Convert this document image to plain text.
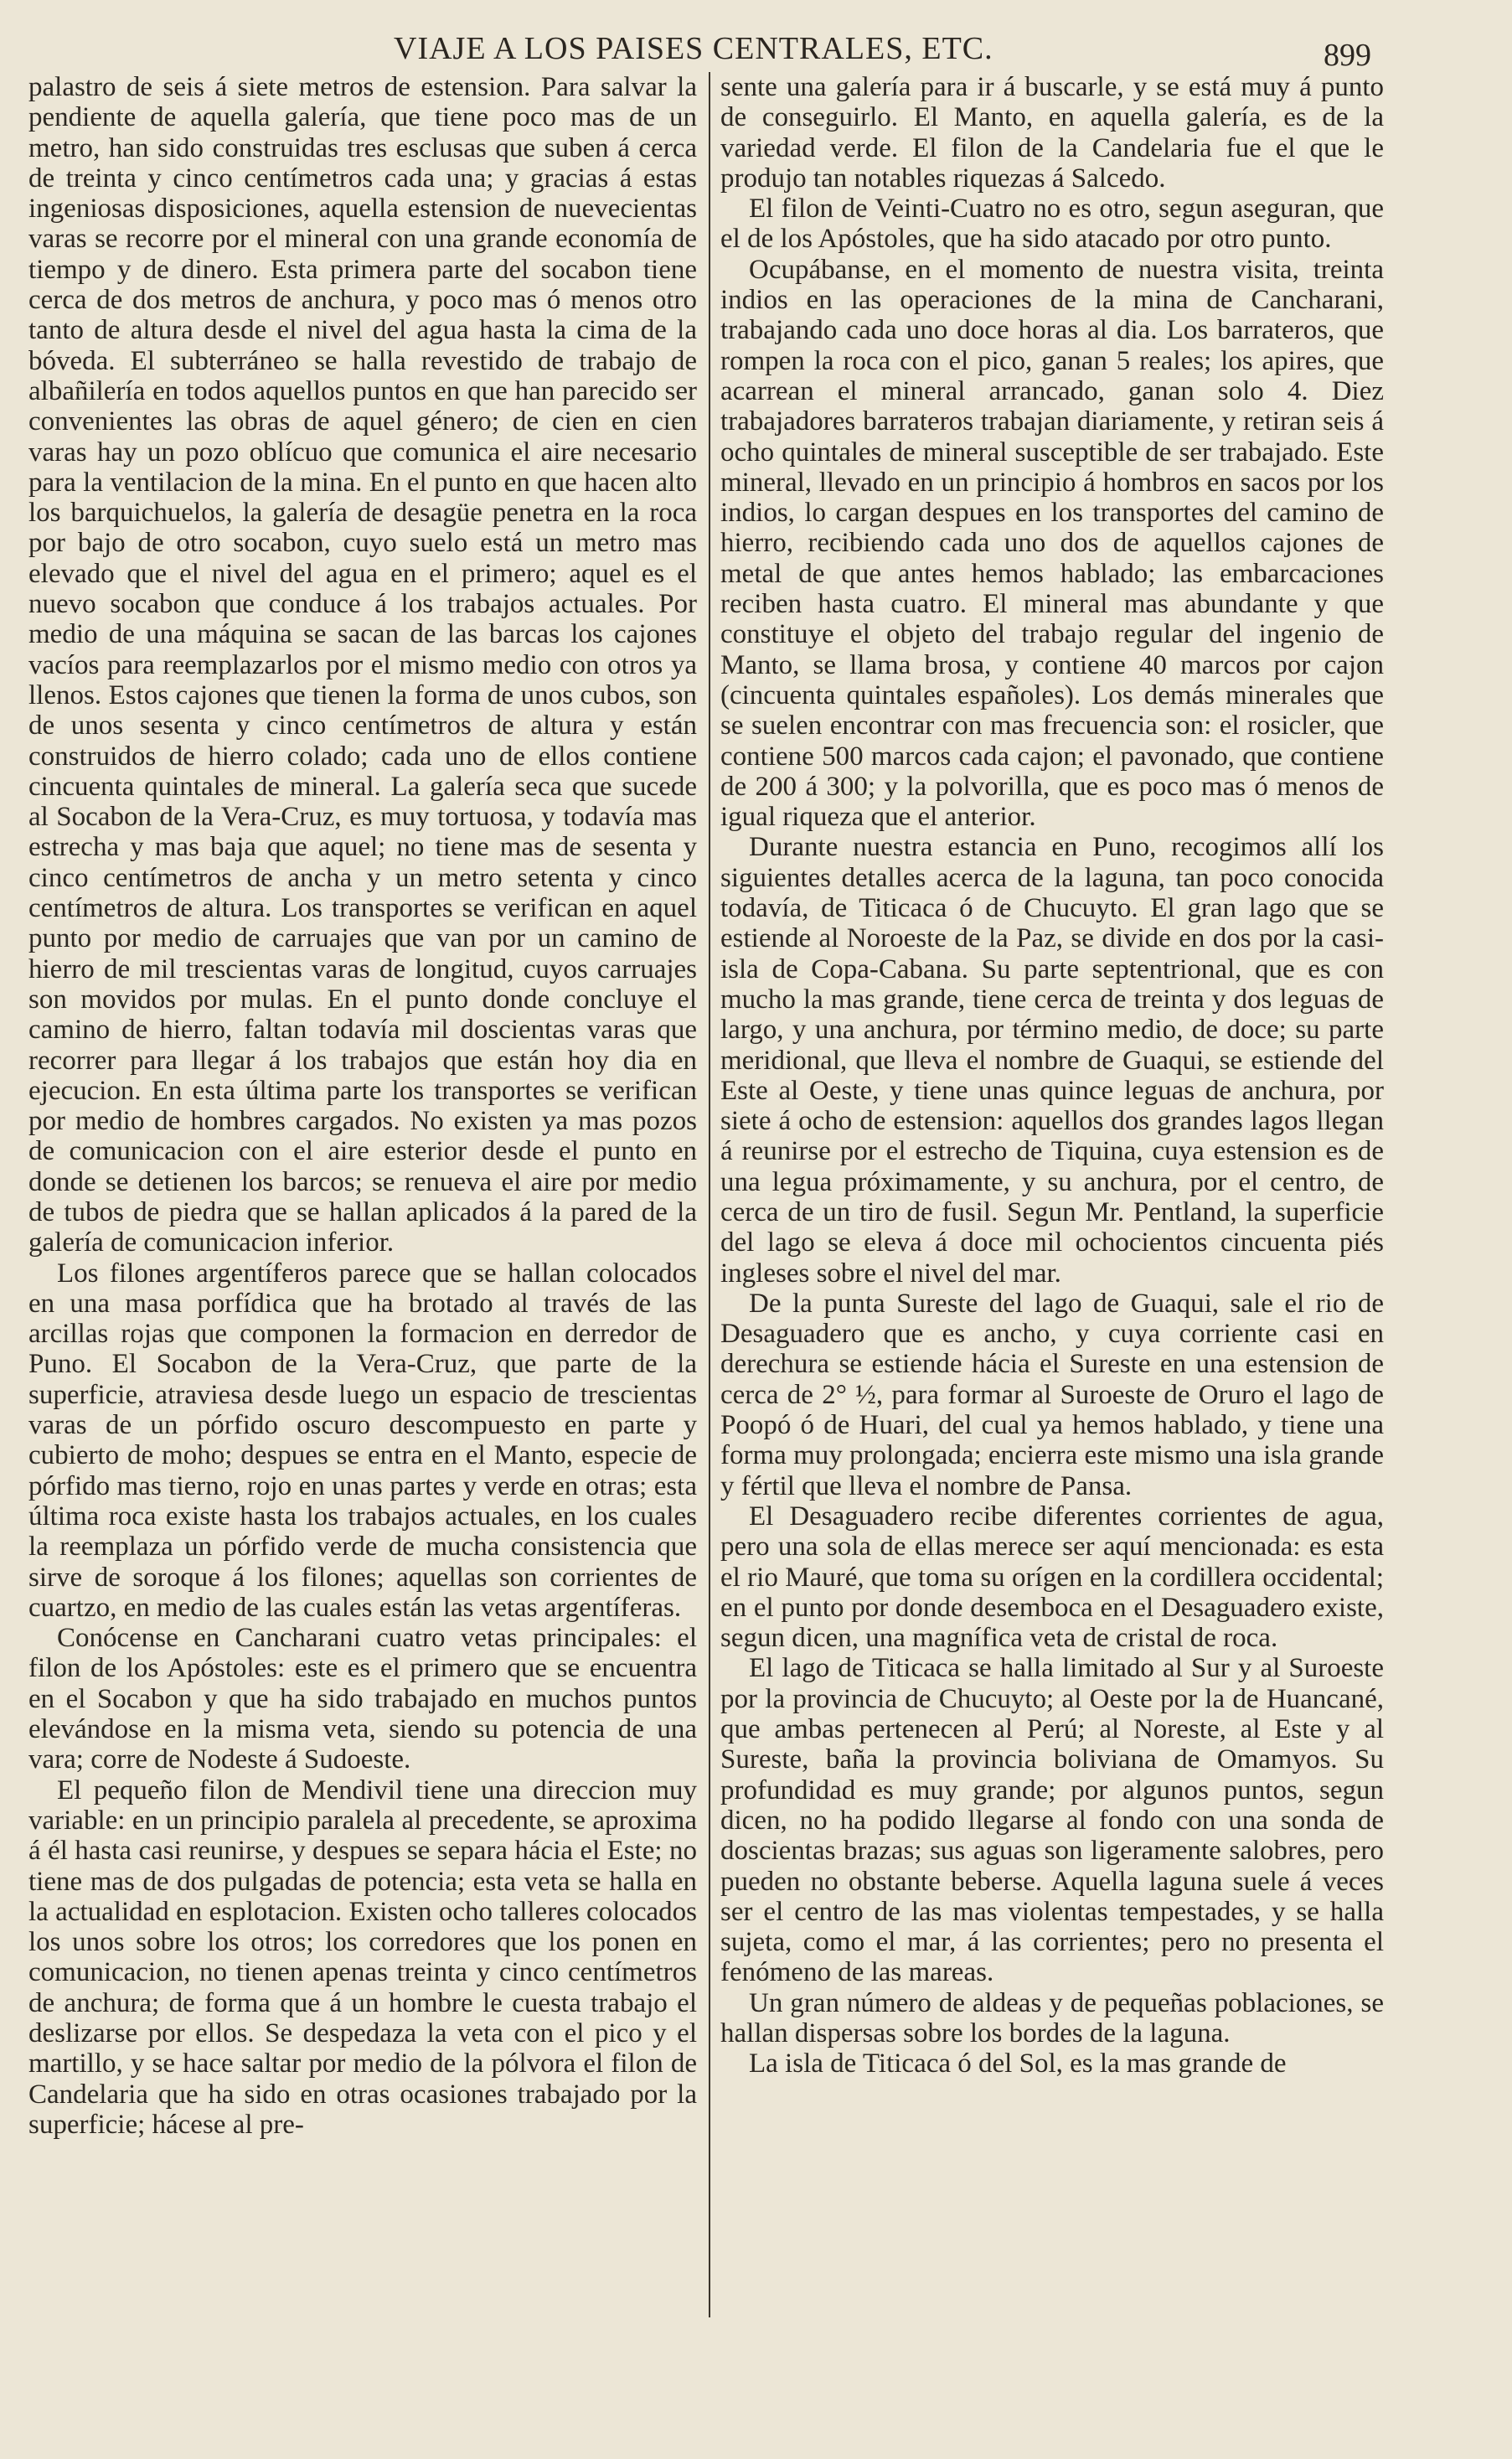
VIAJE A LOS PAISES CENTRALES, ETC.	899

palastro de seis á siete metros de estension. Para salvar la pendiente de aquella galería, que tiene poco mas de un metro, han sido construidas tres esclusas que suben á cerca de treinta y cinco centímetros cada una; y gracias á estas ingeniosas disposiciones, aquella estension de nuevecientas varas se recorre por el mineral con una grande economía de tiempo y de dinero. Esta primera parte del socabon tiene cerca de dos metros de anchura, y poco mas ó menos otro tanto de altura desde el nivel del agua hasta la cima de la bóveda. El subterráneo se halla revestido de trabajo de albañilería en todos aquellos puntos en que han parecido ser convenientes las obras de aquel género; de cien en cien varas hay un pozo oblícuo que comunica el aire necesario para la ventilacion de la mina. En el punto en que hacen alto los barquichuelos, la galería de desagüe penetra en la roca por bajo de otro socabon, cuyo suelo está un metro mas elevado que el nivel del agua en el primero; aquel es el nuevo socabon que conduce á los trabajos actuales. Por medio de una máquina se sacan de las barcas los cajones vacíos para reemplazarlos por el mismo medio con otros ya llenos. Estos cajones que tienen la forma de unos cubos, son de unos sesenta y cinco centímetros de altura y están construidos de hierro colado; cada uno de ellos contiene cincuenta quintales de mineral. La galería seca que sucede al Socabon de la Vera-Cruz, es muy tortuosa, y todavía mas estrecha y mas baja que aquel; no tiene mas de sesenta y cinco centímetros de ancha y un metro setenta y cinco centímetros de altura. Los transportes se verifican en aquel punto por medio de carruajes que van por un camino de hierro de mil trescientas varas de longitud, cuyos carruajes son movidos por mulas. En el punto donde concluye el camino de hierro, faltan todavía mil doscientas varas que recorrer para llegar á los trabajos que están hoy dia en ejecucion. En esta última parte los transportes se verifican por medio de hombres cargados. No existen ya mas pozos de comunicacion con el aire esterior desde el punto en donde se detienen los barcos; se renueva el aire por medio de tubos de piedra que se hallan aplicados á la pared de la galería de comunicacion inferior.

Los filones argentíferos parece que se hallan colocados en una masa porfídica que ha brotado al través de las arcillas rojas que componen la formacion en derredor de Puno. El Socabon de la Vera-Cruz, que parte de la superficie, atraviesa desde luego un espacio de trescientas varas de un pórfido oscuro descompuesto en parte y cubierto de moho; despues se entra en el Manto, especie de pórfido mas tierno, rojo en unas partes y verde en otras; esta última roca existe hasta los trabajos actuales, en los cuales la reemplaza un pórfido verde de mucha consistencia que sirve de soroque á los filones; aquellas son corrientes de cuartzo, en medio de las cuales están las vetas argentíferas.

Conócense en Cancharani cuatro vetas principales: el filon de los Apóstoles: este es el primero que se encuentra en el Socabon y que ha sido trabajado en muchos puntos elevándose en la misma veta, siendo su potencia de una vara; corre de Nodeste á Sudoeste.

El pequeño filon de Mendivil tiene una direccion muy variable: en un principio paralela al precedente, se aproxima á él hasta casi reunirse, y despues se separa hácia el Este; no tiene mas de dos pulgadas de potencia; esta veta se halla en la actualidad en esplotacion. Existen ocho talleres colocados los unos sobre los otros; los corredores que los ponen en comunicacion, no tienen apenas treinta y cinco centímetros de anchura; de forma que á un hombre le cuesta trabajo el deslizarse por ellos. Se despedaza la veta con el pico y el martillo, y se hace saltar por medio de la pólvora el filon de Candelaria que ha sido en otras ocasiones trabajado por la superficie; hácese al pre-

sente una galería para ir á buscarle, y se está muy á punto de conseguirlo. El Manto, en aquella galería, es de la variedad verde. El filon de la Candelaria fue el que le produjo tan notables riquezas á Salcedo.

El filon de Veinti-Cuatro no es otro, segun aseguran, que el de los Apóstoles, que ha sido atacado por otro punto.

Ocupábanse, en el momento de nuestra visita, treinta indios en las operaciones de la mina de Cancharani, trabajando cada uno doce horas al dia. Los barrateros, que rompen la roca con el pico, ganan 5 reales; los apires, que acarrean el mineral arrancado, ganan solo 4. Diez trabajadores barrateros trabajan diariamente, y retiran seis á ocho quintales de mineral susceptible de ser trabajado. Este mineral, llevado en un principio á hombros en sacos por los indios, lo cargan despues en los transportes del camino de hierro, recibiendo cada uno dos de aquellos cajones de metal de que antes hemos hablado; las embarcaciones reciben hasta cuatro. El mineral mas abundante y que constituye el objeto del trabajo regular del ingenio de Manto, se llama brosa, y contiene 40 marcos por cajon (cincuenta quintales españoles). Los demás minerales que se suelen encontrar con mas frecuencia son: el rosicler, que contiene 500 marcos cada cajon; el pavonado, que contiene de 200 á 300; y la polvorilla, que es poco mas ó menos de igual riqueza que el anterior.

Durante nuestra estancia en Puno, recogimos allí los siguientes detalles acerca de la laguna, tan poco conocida todavía, de Titicaca ó de Chucuyto. El gran lago que se estiende al Noroeste de la Paz, se divide en dos por la casi-isla de Copa-Cabana. Su parte septentrional, que es con mucho la mas grande, tiene cerca de treinta y dos leguas de largo, y una anchura, por término medio, de doce; su parte meridional, que lleva el nombre de Guaqui, se estiende del Este al Oeste, y tiene unas quince leguas de anchura, por siete á ocho de estension: aquellos dos grandes lagos llegan á reunirse por el estrecho de Tiquina, cuya estension es de una legua próximamente, y su anchura, por el centro, de cerca de un tiro de fusil. Segun Mr. Pentland, la superficie del lago se eleva á doce mil ochocientos cincuenta piés ingleses sobre el nivel del mar.

De la punta Sureste del lago de Guaqui, sale el rio de Desaguadero que es ancho, y cuya corriente casi en derechura se estiende hácia el Sureste en una estension de cerca de 2° ½, para formar al Suroeste de Oruro el lago de Poopó ó de Huari, del cual ya hemos hablado, y tiene una forma muy prolongada; encierra este mismo una isla grande y fértil que lleva el nombre de Pansa.

El Desaguadero recibe diferentes corrientes de agua, pero una sola de ellas merece ser aquí mencionada: es esta el rio Mauré, que toma su orígen en la cordillera occidental; en el punto por donde desemboca en el Desaguadero existe, segun dicen, una magnífica veta de cristal de roca.

El lago de Titicaca se halla limitado al Sur y al Suroeste por la provincia de Chucuyto; al Oeste por la de Huancané, que ambas pertenecen al Perú; al Noreste, al Este y al Sureste, baña la provincia boliviana de Omamyos. Su profundidad es muy grande; por algunos puntos, segun dicen, no ha podido llegarse al fondo con una sonda de doscientas brazas; sus aguas son ligeramente salobres, pero pueden no obstante beberse. Aquella laguna suele á veces ser el centro de las mas violentas tempestades, y se halla sujeta, como el mar, á las corrientes; pero no presenta el fenómeno de las mareas.

Un gran número de aldeas y de pequeñas poblaciones, se hallan dispersas sobre los bordes de la laguna.

La isla de Titicaca ó del Sol, es la mas grande de
